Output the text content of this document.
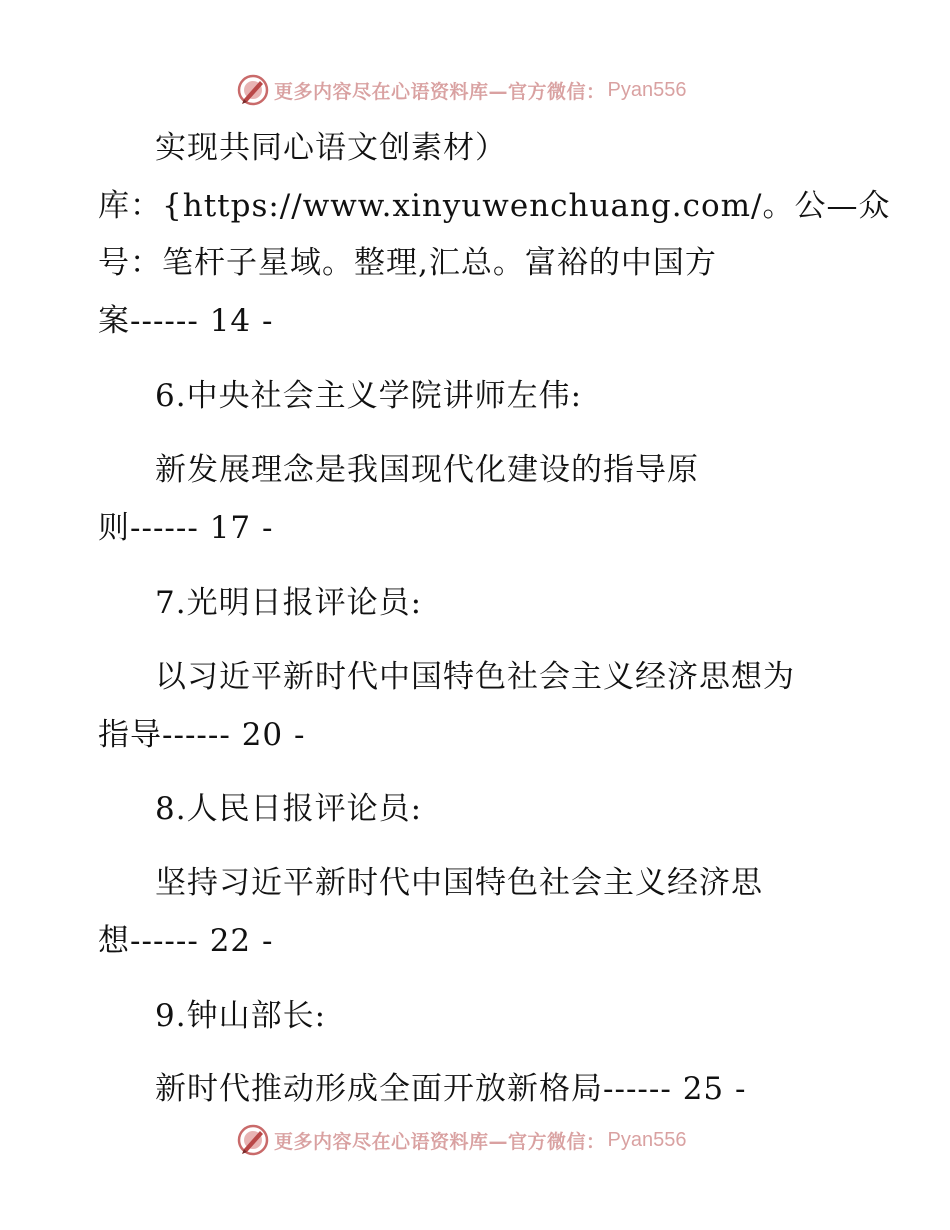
更多内容尽在心语资料库—官方微信： Pyan556
实现共同心语文创素材）
库：{https://www.xinyuwenchuang.com/。公—众
号：笔杆子星域。整理,汇总。富裕的中国方
案------ 14 -
6.中央社会主义学院讲师左伟:
新发展理念是我国现代化建设的指导原
则------ 17 -
7.光明日报评论员:
以习近平新时代中国特色社会主义经济思想为
指导------ 20 -
8.人民日报评论员:
坚持习近平新时代中国特色社会主义经济思
想------ 22 -
9.钟山部长:
新时代推动形成全面开放新格局------ 25 -
更多内容尽在心语资料库—官方微信： Pyan556
